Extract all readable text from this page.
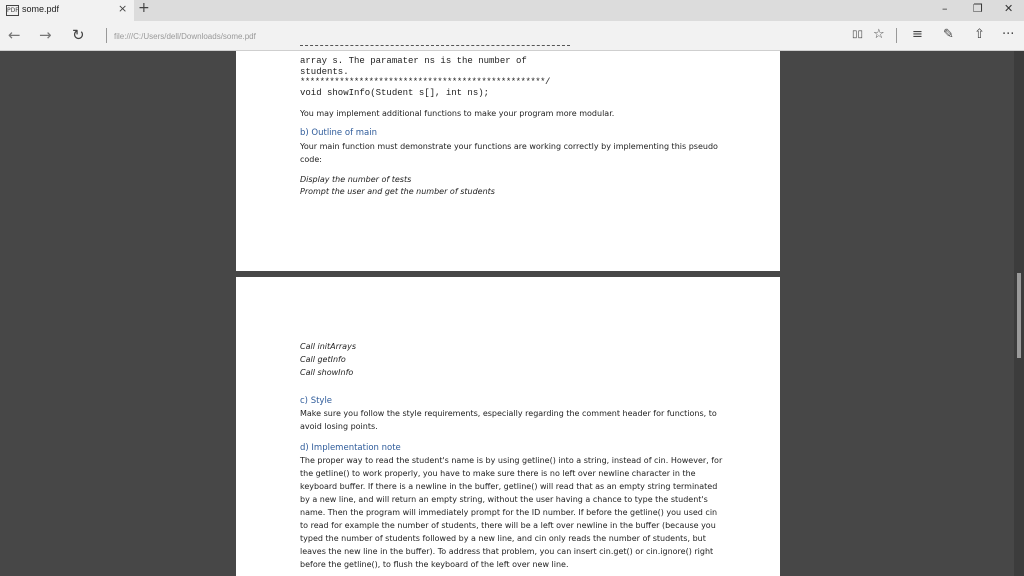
PDF some.pdf	× +	– ❐ ✕
← → ↻	file:///C:/Users/dell/Downloads/some.pdf	▯▯ ☆ ≡ ✎ ⇧ ···
array s. The paramater ns is the number of
students.
**************************************************/
void showInfo(Student s[], int ns);
You may implement additional functions to make your program more modular.
b) Outline of main
Your main function must demonstrate your functions are working correctly by implementing this pseudo
code:
Display the number of tests
Prompt the user and get the number of students
Call initArrays
Call getInfo
Call showInfo
c) Style
Make sure you follow the style requirements, especially regarding the comment header for functions, to
avoid losing points.
d) Implementation note
The proper way to read the student's name is by using getline() into a string, instead of cin. However, for
the getline() to work properly, you have to make sure there is no left over newline character in the
keyboard buffer. If there is a newline in the buffer, getline() will read that as an empty string terminated
by a new line, and will return an empty string, without the user having a chance to type the student's
name. Then the program will immediately prompt for the ID number. If before the getline() you used cin
to read for example the number of students, there will be a left over newline in the buffer (because you
typed the number of students followed by a new line, and cin only reads the number of students, but
leaves the new line in the buffer). To address that problem, you can insert cin.get() or cin.ignore() right
before the getline(), to flush the keyboard of the left over new line.
